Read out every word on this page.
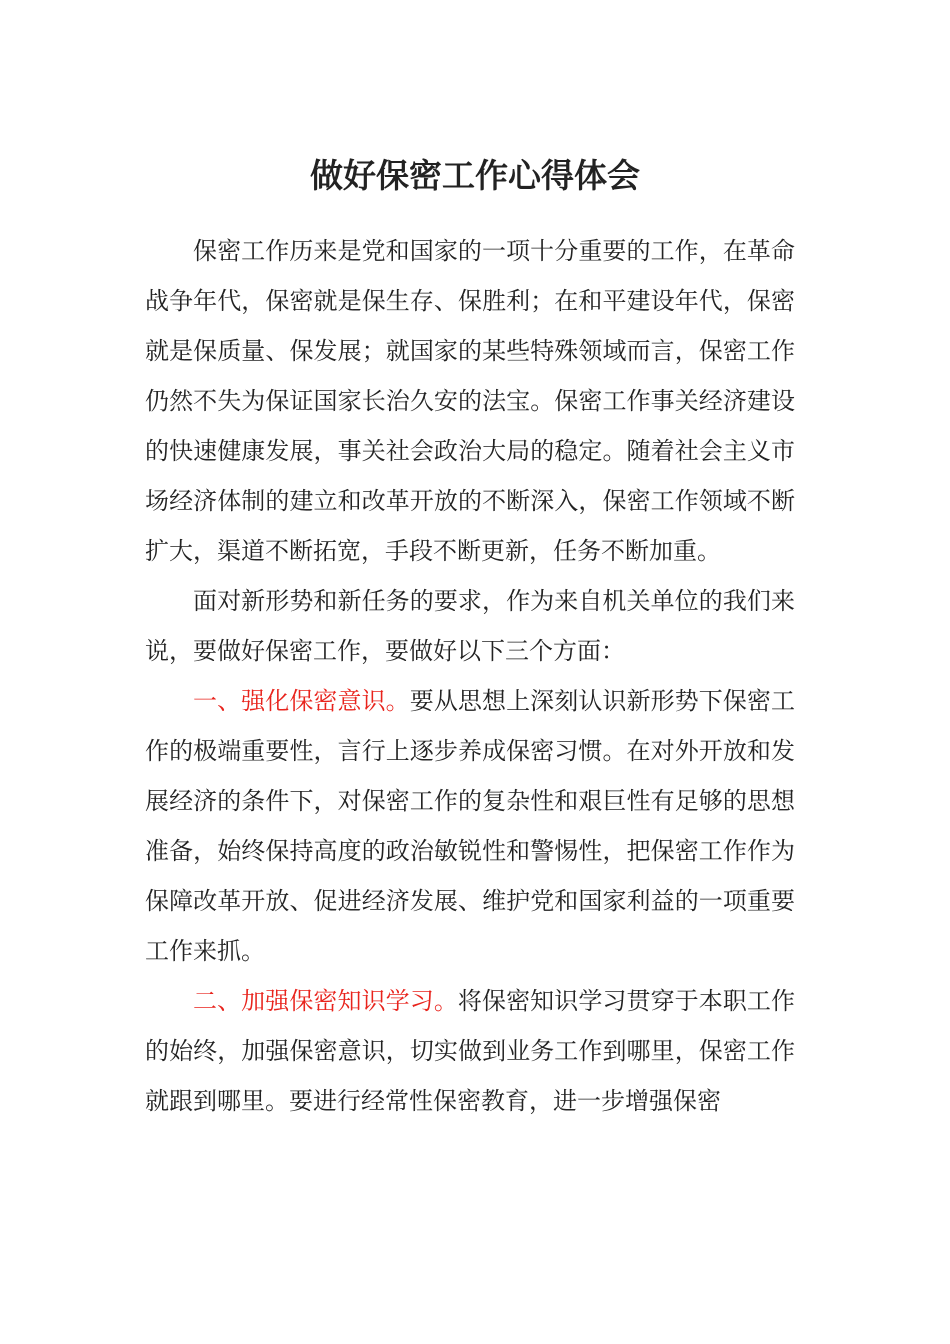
做好保密工作心得体会

保密工作历来是党和国家的一项十分重要的工作，在革命战争年代，保密就是保生存、保胜利；在和平建设年代，保密就是保质量、保发展；就国家的某些特殊领域而言，保密工作仍然不失为保证国家长治久安的法宝。保密工作事关经济建设的快速健康发展，事关社会政治大局的稳定。随着社会主义市场经济体制的建立和改革开放的不断深入，保密工作领域不断扩大，渠道不断拓宽，手段不断更新，任务不断加重。

面对新形势和新任务的要求，作为来自机关单位的我们来说，要做好保密工作，要做好以下三个方面：

一、强化保密意识。要从思想上深刻认识新形势下保密工作的极端重要性，言行上逐步养成保密习惯。在对外开放和发展经济的条件下，对保密工作的复杂性和艰巨性有足够的思想准备，始终保持高度的政治敏锐性和警惕性，把保密工作作为保障改革开放、促进经济发展、维护党和国家利益的一项重要工作来抓。

二、加强保密知识学习。将保密知识学习贯穿于本职工作的始终，加强保密意识，切实做到业务工作到哪里，保密工作就跟到哪里。要进行经常性保密教育，进一步增强保密
